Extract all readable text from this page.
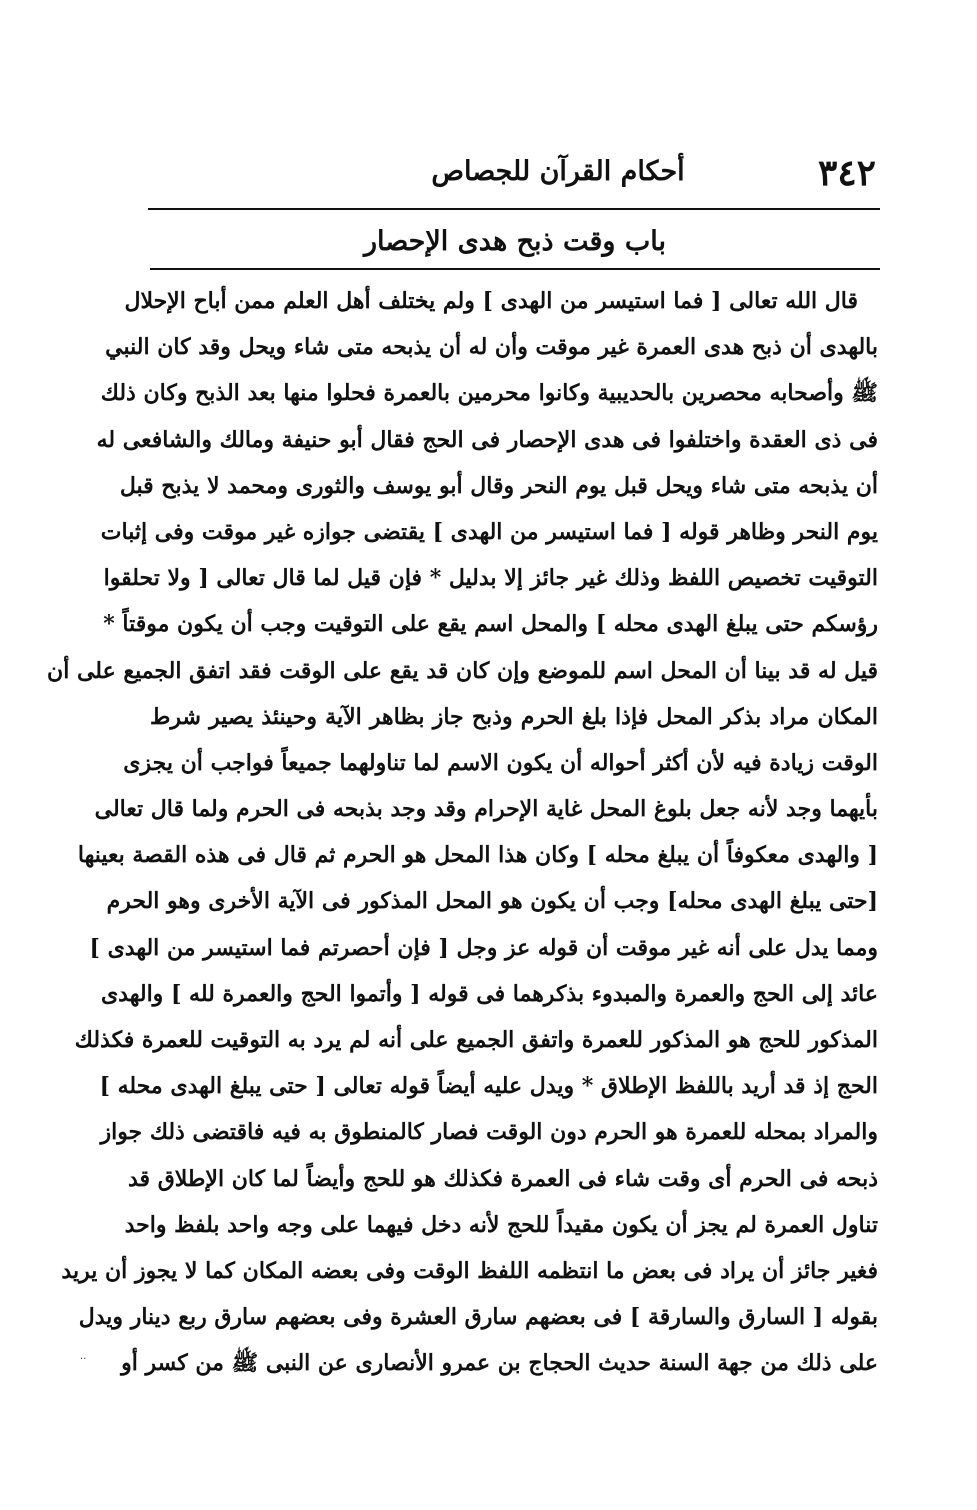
أحكام القرآن للجصاص	٣٤٢
باب وقت ذبح هدى الإحصار
قال الله تعالى [ فما استيسر من الهدى ] ولم يختلف أهل العلم ممن أباح الإحلال
بالهدى أن ذبح هدى العمرة غير موقت وأن له أن يذبحه متى شاء ويحل وقد كان النبي
ﷺ وأصحابه محصرين بالحديبية وكانوا محرمين بالعمرة فحلوا منها بعد الذبح وكان ذلك
فى ذى العقدة واختلفوا فى هدى الإحصار فى الحج فقال أبو حنيفة ومالك والشافعى له
أن يذبحه متى شاء ويحل قبل يوم النحر وقال أبو يوسف والثورى ومحمد لا يذبح قبل
يوم النحر وظاهر قوله [ فما استيسر من الهدى ] يقتضى جوازه غير موقت وفى إثبات
التوقيت تخصيص اللفظ وذلك غير جائز إلا بدليل * فإن قيل لما قال تعالى [ ولا تحلقوا
رؤسكم حتى يبلغ الهدى محله ] والمحل اسم يقع على التوقيت وجب أن يكون موقتاً *
قيل له قد بينا أن المحل اسم للموضع وإن كان قد يقع على الوقت فقد اتفق الجميع على أن
المكان مراد بذكر المحل فإذا بلغ الحرم وذبح جاز بظاهر الآية وحينئذ يصير شرط
الوقت زيادة فيه لأن أكثر أحواله أن يكون الاسم لما تناولهما جميعاً فواجب أن يجزى
بأيهما وجد لأنه جعل بلوغ المحل غاية الإحرام وقد وجد بذبحه فى الحرم ولما قال تعالى
[ والهدى معكوفاً أن يبلغ محله ] وكان هذا المحل هو الحرم ثم قال فى هذه القصة بعينها
[حتى يبلغ الهدى محله] وجب أن يكون هو المحل المذكور فى الآية الأخرى وهو الحرم
ومما يدل على أنه غير موقت أن قوله عز وجل [ فإن أحصرتم فما استيسر من الهدى ]
عائد إلى الحج والعمرة والمبدوء بذكرهما فى قوله [ وأتموا الحج والعمرة لله ] والهدى
المذكور للحج هو المذكور للعمرة واتفق الجميع على أنه لم يرد به التوقيت للعمرة فكذلك
الحج إذ قد أريد باللفظ الإطلاق * ويدل عليه أيضاً قوله تعالى [ حتى يبلغ الهدى محله ]
والمراد بمحله للعمرة هو الحرم دون الوقت فصار كالمنطوق به فيه فاقتضى ذلك جواز
ذبحه فى الحرم أى وقت شاء فى العمرة فكذلك هو للحج وأيضاً لما كان الإطلاق قد
تناول العمرة لم يجز أن يكون مقيداً للحج لأنه دخل فيهما على وجه واحد بلفظ واحد
فغير جائز أن يراد فى بعض ما انتظمه اللفظ الوقت وفى بعضه المكان كما لا يجوز أن يريد
بقوله [ السارق والسارقة ] فى بعضهم سارق العشرة وفى بعضهم سارق ربع دينار ويدل
على ذلك من جهة السنة حديث الحجاج بن عمرو الأنصارى عن النبى ﷺ من كسر أو
··
